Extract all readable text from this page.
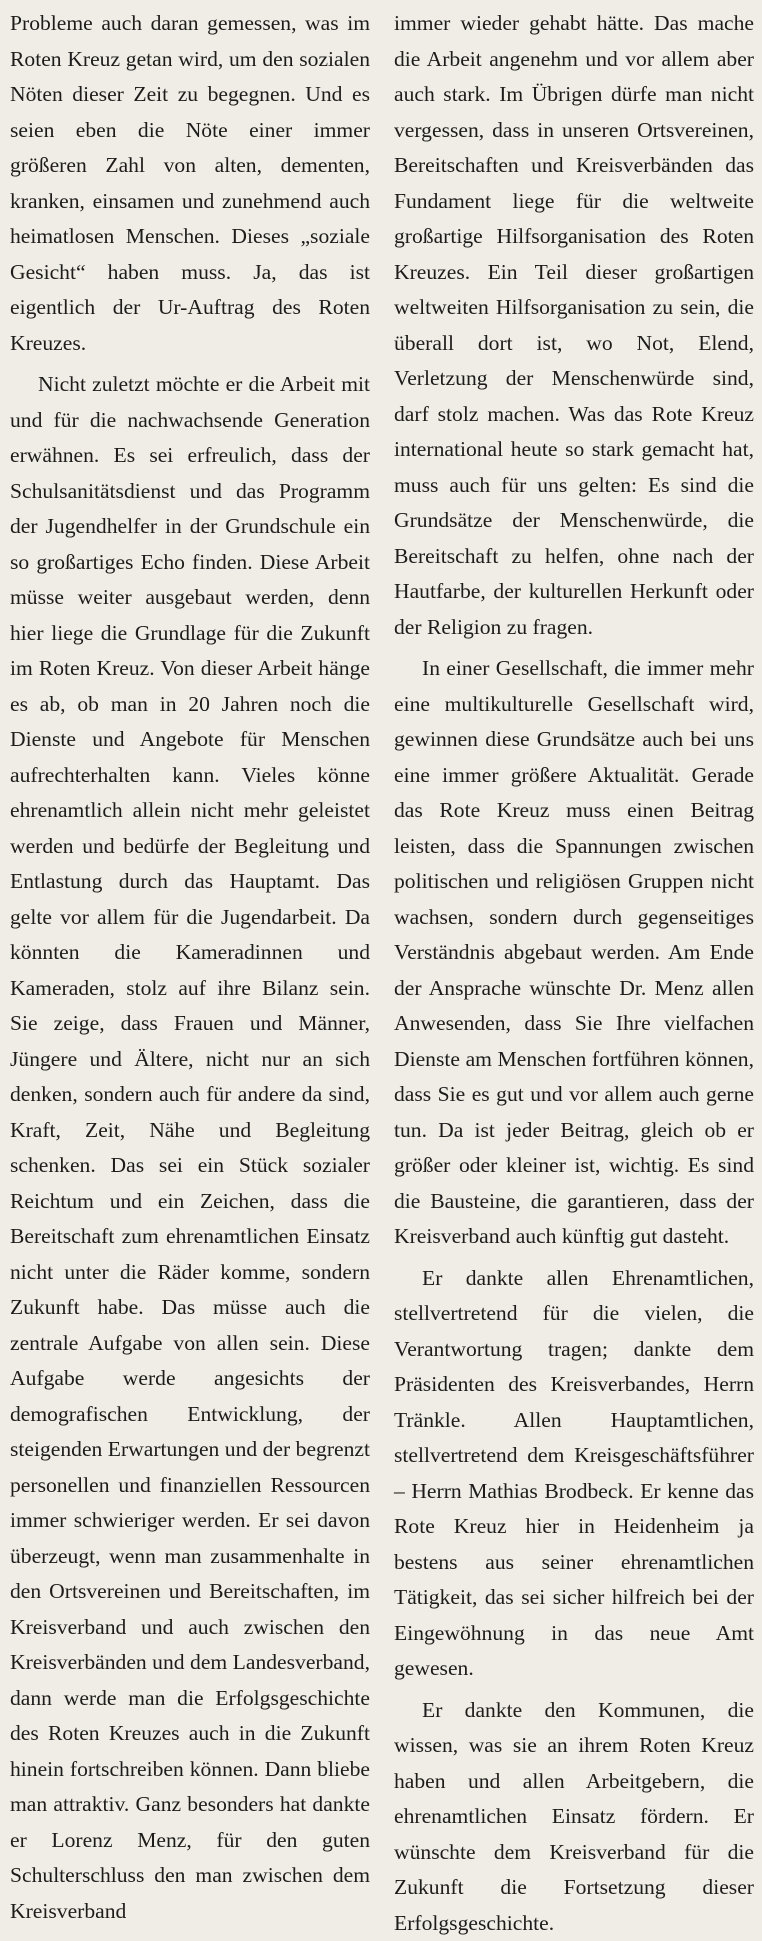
Probleme auch daran gemessen, was im Roten Kreuz getan wird, um den sozialen Nöten dieser Zeit zu begegnen. Und es seien eben die Nöte einer immer größeren Zahl von alten, dementen, kranken, einsamen und zunehmend auch heimatlosen Menschen. Dieses „soziale Gesicht“ haben muss. Ja, das ist eigentlich der Ur-Auftrag des Roten Kreuzes.

Nicht zuletzt möchte er die Arbeit mit und für die nachwachsende Generation erwähnen. Es sei erfreulich, dass der Schulsanitätsdienst und das Programm der Jugendhelfer in der Grundschule ein so großartiges Echo finden. Diese Arbeit müsse weiter ausgebaut werden, denn hier liege die Grundlage für die Zukunft im Roten Kreuz. Von dieser Arbeit hänge es ab, ob man in 20 Jahren noch die Dienste und Angebote für Menschen aufrechterhalten kann. Vieles könne ehrenamtlich allein nicht mehr geleistet werden und bedürfe der Begleitung und Entlastung durch das Hauptamt. Das gelte vor allem für die Jugendarbeit. Da könnten die Kameradinnen und Kameraden, stolz auf ihre Bilanz sein. Sie zeige, dass Frauen und Männer, Jüngere und Ältere, nicht nur an sich denken, sondern auch für andere da sind, Kraft, Zeit, Nähe und Begleitung schenken. Das sei ein Stück sozialer Reichtum und ein Zeichen, dass die Bereitschaft zum ehrenamtlichen Einsatz nicht unter die Räder komme, sondern Zukunft habe. Das müsse auch die zentrale Aufgabe von allen sein. Diese Aufgabe werde angesichts der demografischen Entwicklung, der steigenden Erwartungen und der begrenzt personellen und finanziellen Ressourcen immer schwieriger werden. Er sei davon überzeugt, wenn man zusammenhalte in den Ortsvereinen und Bereitschaften, im Kreisverband und auch zwischen den Kreisverbänden und dem Landesverband, dann werde man die Erfolgsgeschichte des Roten Kreuzes auch in die Zukunft hinein fortschreiben können. Dann bliebe man attraktiv. Ganz besonders hat dankte er Lorenz Menz, für den guten Schulterschluss den man zwischen dem Kreisverband

immer wieder gehabt hätte. Das mache die Arbeit angenehm und vor allem aber auch stark. Im Übrigen dürfe man nicht vergessen, dass in unseren Ortsvereinen, Bereitschaften und Kreisverbänden das Fundament liege für die weltweite großartige Hilfsorganisation des Roten Kreuzes. Ein Teil dieser großartigen weltweiten Hilfsorganisation zu sein, die überall dort ist, wo Not, Elend, Verletzung der Menschenwürde sind, darf stolz machen. Was das Rote Kreuz international heute so stark gemacht hat, muss auch für uns gelten: Es sind die Grundsätze der Menschenwürde, die Bereitschaft zu helfen, ohne nach der Hautfarbe, der kulturellen Herkunft oder der Religion zu fragen.

In einer Gesellschaft, die immer mehr eine multikulturelle Gesellschaft wird, gewinnen diese Grundsätze auch bei uns eine immer größere Aktualität. Gerade das Rote Kreuz muss einen Beitrag leisten, dass die Spannungen zwischen politischen und religiösen Gruppen nicht wachsen, sondern durch gegenseitiges Verständnis abgebaut werden. Am Ende der Ansprache wünschte Dr. Menz allen Anwesenden, dass Sie Ihre vielfachen Dienste am Menschen fortführen können, dass Sie es gut und vor allem auch gerne tun. Da ist jeder Beitrag, gleich ob er größer oder kleiner ist, wichtig. Es sind die Bausteine, die garantieren, dass der Kreisverband auch künftig gut dasteht.

Er dankte allen Ehrenamtlichen, stellvertretend für die vielen, die Verantwortung tragen; dankte dem Präsidenten des Kreisverbandes, Herrn Tränkle. Allen Hauptamtlichen, stellvertretend dem Kreisgeschäftsführer – Herrn Mathias Brodbeck. Er kenne das Rote Kreuz hier in Heidenheim ja bestens aus seiner ehrenamtlichen Tätigkeit, das sei sicher hilfreich bei der Eingewöhnung in das neue Amt gewesen.

Er dankte den Kommunen, die wissen, was sie an ihrem Roten Kreuz haben und allen Arbeitgebern, die ehrenamtlichen Einsatz fördern. Er wünschte dem Kreisverband für die Zukunft die Fortsetzung dieser Erfolgsgeschichte.
